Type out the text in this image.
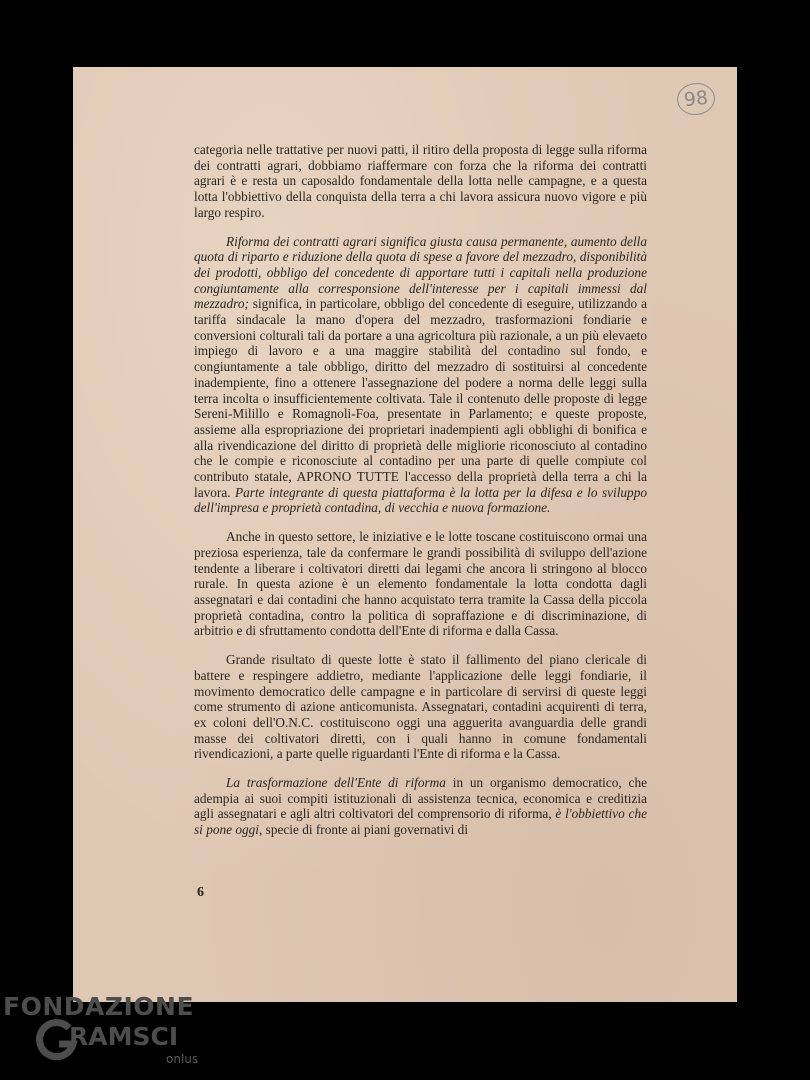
98

categoria nelle trattative per nuovi patti, il ritiro della proposta di legge sulla riforma dei contratti agrari, dobbiamo riaffermare con forza che la riforma dei contratti agrari è e resta un caposaldo fondamentale della lotta nelle campagne, e a questa lotta l'obbiettivo della conquista della terra a chi lavora assicura nuovo vigore e più largo respiro.

Riforma dei contratti agrari significa giusta causa permanente, aumento della quota di riparto e riduzione della quota di spese a favore del mezzadro, disponibilità dei prodotti, obbligo del concedente di apportare tutti i capitali nella produzione congiuntamente alla corresponsione dell'interesse per i capitali immessi dal mezzadro; significa, in particolare, obbligo del concedente di eseguire, utilizzando a tariffa sindacale la mano d'opera del mezzadro, trasformazioni fondiarie e conversioni colturali tali da portare a una agricoltura più razionale, a un più elevaeto impiego di lavoro e a una maggire stabilità del contadino sul fondo, e congiuntamente a tale obbligo, diritto del mezzadro di sostituirsi al concedente inadempiente, fino a ottenere l'assegnazione del podere a norma delle leggi sulla terra incolta o insufficientemente coltivata. Tale il contenuto delle proposte di legge Sereni-Milillo e Romagnoli-Foa, presentate in Parlamento; e queste proposte, assieme alla espropriazione dei proprietari inadempienti agli obblighi di bonifica e alla rivendicazione del diritto di proprietà delle migliorie riconosciuto al contadino che le compie e riconosciute al contadino per una parte di quelle compiute col contributo statale, APRONO TUTTE l'accesso della proprietà della terra a chi la lavora. Parte integrante di questa piattaforma è la lotta per la difesa e lo sviluppo dell'impresa e proprietà contadina, di vecchia e nuova formazione.

Anche in questo settore, le iniziative e le lotte toscane costituiscono ormai una preziosa esperienza, tale da confermare le grandi possibilità di sviluppo dell'azione tendente a liberare i coltivatori diretti dai legami che ancora li stringono al blocco rurale. In questa azione è un elemento fondamentale la lotta condotta dagli assegnatari e dai contadini che hanno acquistato terra tramite la Cassa della piccola proprietà contadina, contro la politica di sopraffazione e di discriminazione, di arbitrio e di sfruttamento condotta dell'Ente di riforma e dalla Cassa.

Grande risultato di queste lotte è stato il fallimento del piano clericale di battere e respingere addietro, mediante l'applicazione delle leggi fondiarie, il movimento democratico delle campagne e in particolare di servirsi di queste leggi come strumento di azione anticomunista. Assegnatari, contadini acquirenti di terra, ex coloni dell'O.N.C. costituiscono oggi una agguerita avanguardia delle grandi masse dei coltivatori diretti, con i quali hanno in comune fondamentali rivendicazioni, a parte quelle riguardanti l'Ente di riforma e la Cassa.

La trasformazione dell'Ente di riforma in un organismo democratico, che adempia ai suoi compiti istituzionali di assistenza tecnica, economica e creditizia agli assegnatari e agli altri coltivatori del comprensorio di riforma, è l'obbiettivo che si pone oggi, specie di fronte ai piani governativi di

6
FONDAZIONE
RAMSCI
onlus
